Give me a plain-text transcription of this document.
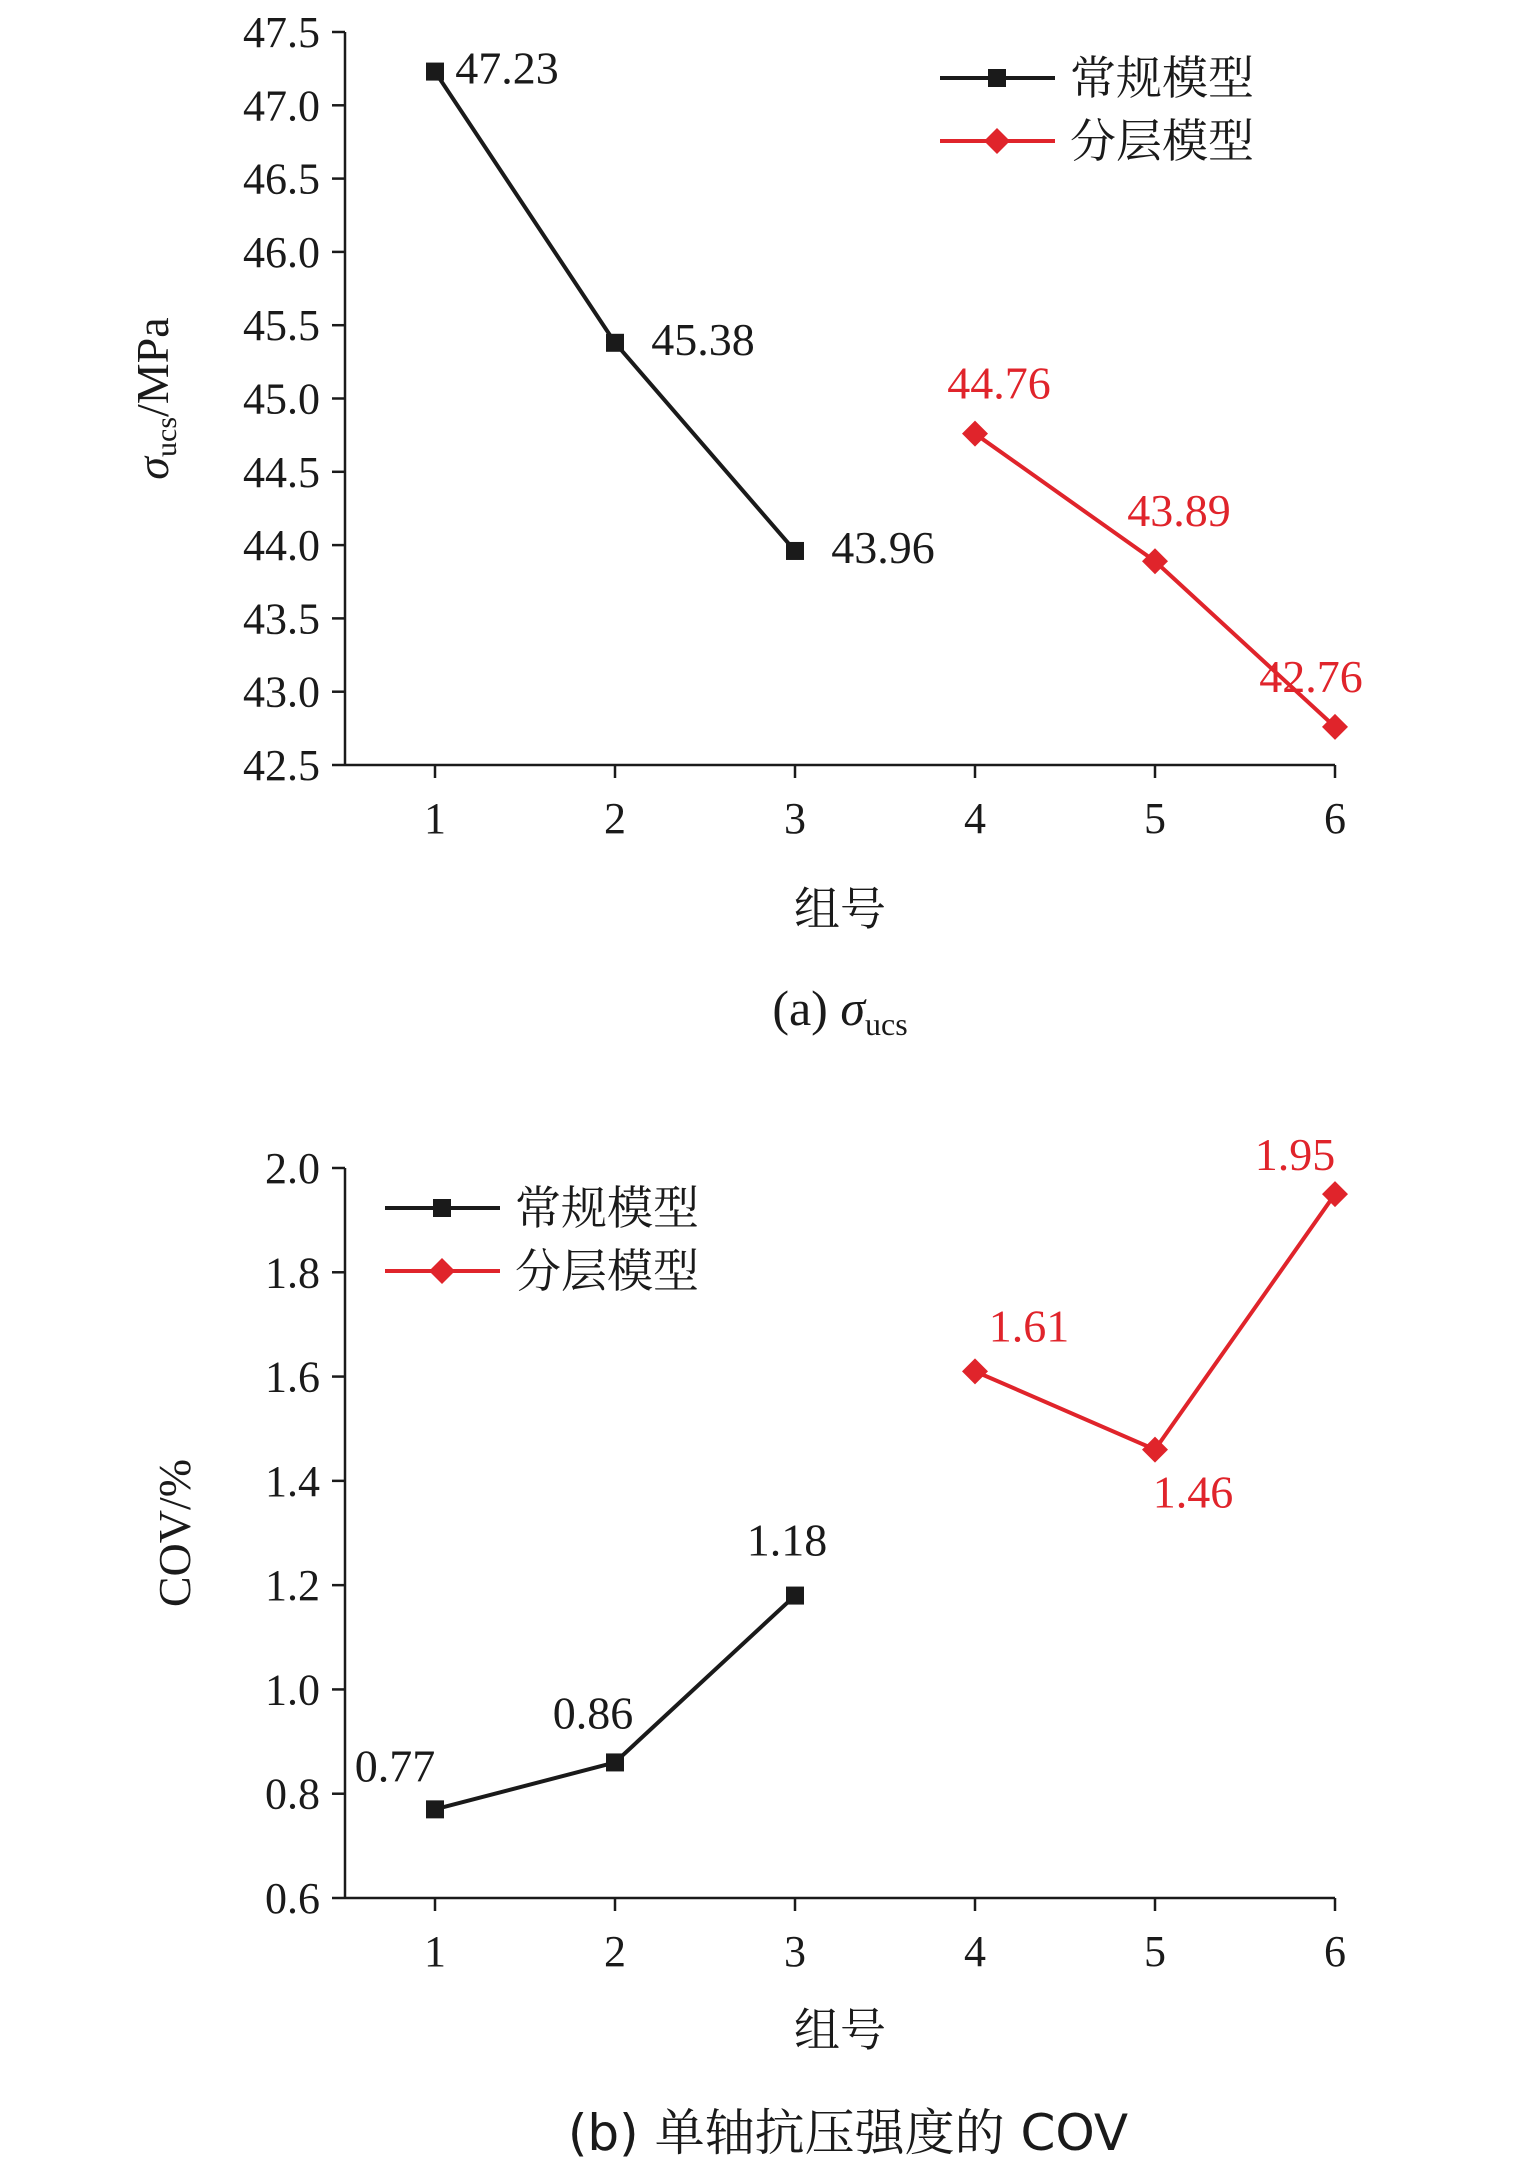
42.5
43.0
43.5
44.0
44.5
45.0
45.5
46.0
46.5
47.0
47.5
1	2	3	4	5	6
组号
σucs/MPa
47.23
45.38
43.96
44.76
43.89
42.76
常规模型
分层模型
(a) $\sigma_{ucs}$
0.6
0.8
1.0
1.2
1.4
1.6
1.8
2.0
1	2	3	4	5	6
组号
COV/%
0.77
0.86
1.18
1.61
1.46
1.95
常规模型
分层模型
(b) 单轴抗压强度的 COV
